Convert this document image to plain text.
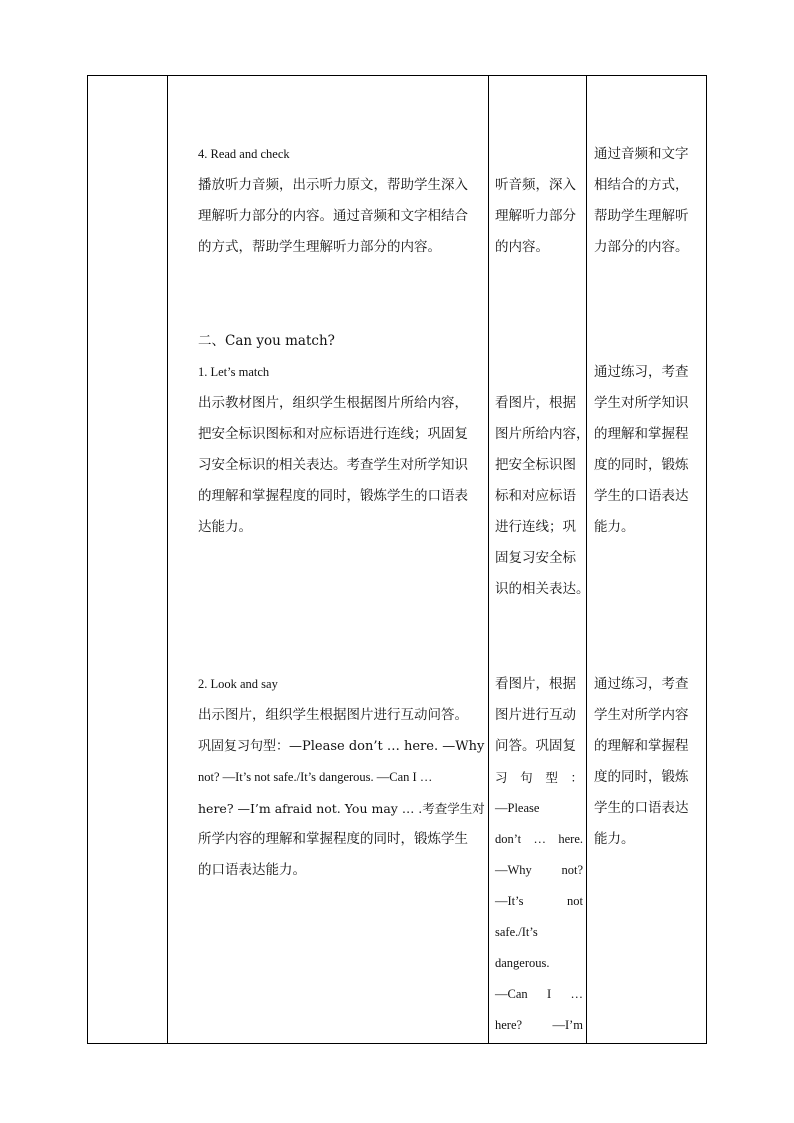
4. Read and check
播放听力音频，出示听力原文，帮助学生深入
理解听力部分的内容。通过音频和文字相结合
的方式，帮助学生理解听力部分的内容。
二、Can you match?
1. Let’s match
出示教材图片，组织学生根据图片所给内容，
把安全标识图标和对应标语进行连线；巩固复
习安全标识的相关表达。考查学生对所学知识
的理解和掌握程度的同时，锻炼学生的口语表
达能力。
2. Look and say
出示图片，组织学生根据图片进行互动问答。
巩固复习句型：—Please don’t … here. —Why
not? —It’s not safe./It’s dangerous. —Can I …
here? —I’m afraid not. You may … .考查学生对
所学内容的理解和掌握程度的同时，锻炼学生
的口语表达能力。
听音频，深入
理解听力部分
的内容。
看图片，根据
图片所给内容，
把安全标识图
标和对应标语
进行连线；巩
固复习安全标
识的相关表达。
看图片，根据
图片进行互动
问答。巩固复
习 句 型 ：
—Please
don’t … here.
—Why not?
—It’s	not
safe./It’s
dangerous.
—Can I …
here? —I’m
通过音频和文字
相结合的方式，
帮助学生理解听
力部分的内容。
通过练习，考查
学生对所学知识
的理解和掌握程
度的同时，锻炼
学生的口语表达
能力。
通过练习，考查
学生对所学内容
的理解和掌握程
度的同时，锻炼
学生的口语表达
能力。
